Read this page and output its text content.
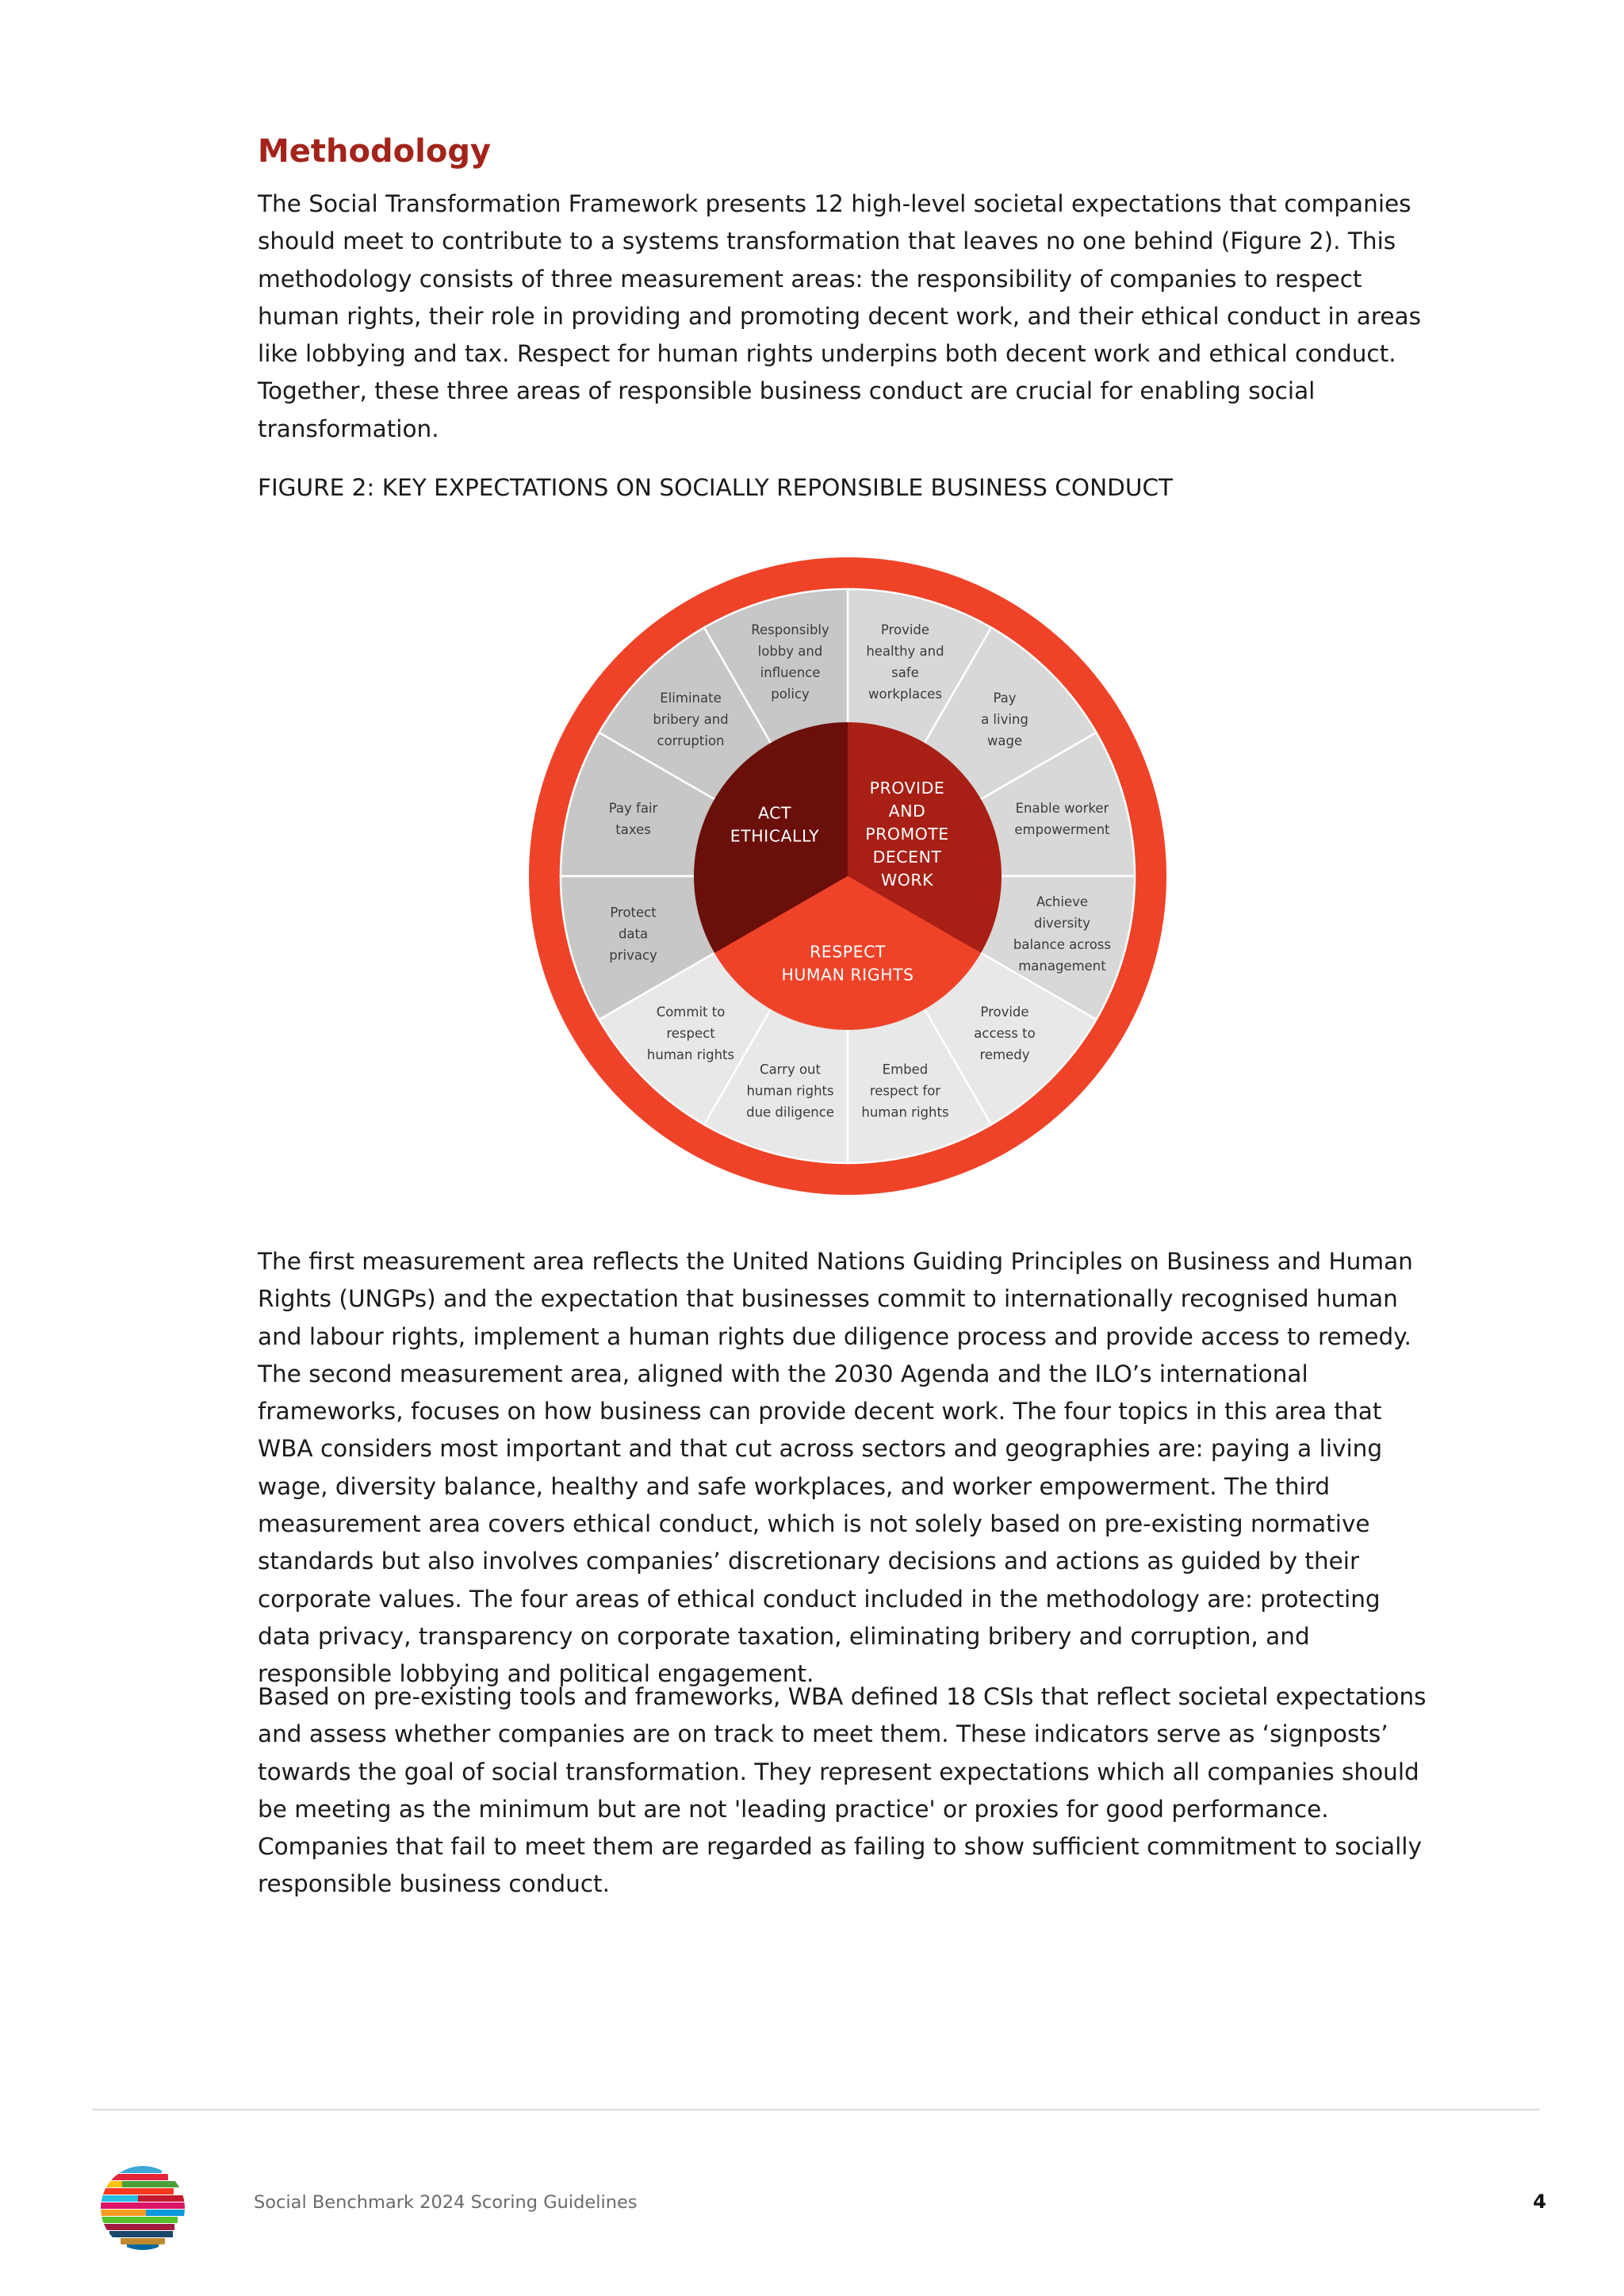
Methodology

The Social Transformation Framework presents 12 high-level societal expectations that companies should meet to contribute to a systems transformation that leaves no one behind (Figure 2). This methodology consists of three measurement areas: the responsibility of companies to respect human rights, their role in providing and promoting decent work, and their ethical conduct in areas like lobbying and tax. Respect for human rights underpins both decent work and ethical conduct. Together, these three areas of responsible business conduct are crucial for enabling social transformation.

FIGURE 2: KEY EXPECTATIONS ON SOCIALLY REPONSIBLE BUSINESS CONDUCT

Provide healthy and safe workplaces	Pay a living wage
Enable worker empowerment
Achieve diversity balance across management
Provide access to remedy
Embed respect for human rights
Carry out human rights due diligence
Commit to respect human rights
Protect data privacy
Pay fair taxes
Eliminate bribery and corruption
Responsibly lobby and influence policy
ACT ETHICALLY
PROVIDE AND PROMOTE DECENT WORK
RESPECT HUMAN RIGHTS
The first measurement area reflects the United Nations Guiding Principles on Business and Human Rights (UNGPs) and the expectation that businesses commit to internationally recognised human and labour rights, implement a human rights due diligence process and provide access to remedy. The second measurement area, aligned with the 2030 Agenda and the ILO’s international frameworks, focuses on how business can provide decent work. The four topics in this area that WBA considers most important and that cut across sectors and geographies are: paying a living wage, diversity balance, healthy and safe workplaces, and worker empowerment. The third measurement area covers ethical conduct, which is not solely based on pre-existing normative standards but also involves companies’ discretionary decisions and actions as guided by their corporate values. The four areas of ethical conduct included in the methodology are: protecting data privacy, transparency on corporate taxation, eliminating bribery and corruption, and responsible lobbying and political engagement.
Based on pre-existing tools and frameworks, WBA defined 18 CSIs that reflect societal expectations and assess whether companies are on track to meet them. These indicators serve as ‘signposts’ towards the goal of social transformation. They represent expectations which all companies should be meeting as the minimum but are not 'leading practice' or proxies for good performance. Companies that fail to meet them are regarded as failing to show sufficient commitment to socially responsible business conduct.

Social Benchmark 2024 Scoring Guidelines	4
